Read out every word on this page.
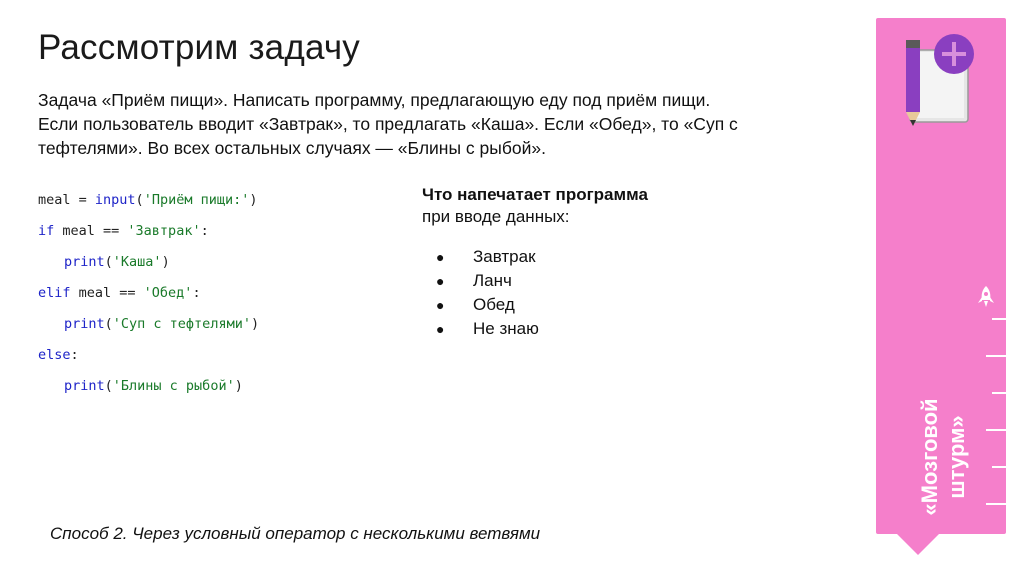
Рассмотрим задачу

Задача «Приём пищи». Написать программу, предлагающую еду под приём пищи.
Если пользователь вводит «Завтрак», то предлагать «Каша». Если «Обед», то «Суп с
тефтелями». Во всех остальных случаях — «Блины с рыбой».

meal = input('Приём пищи:')
if meal == 'Завтрак':
print('Каша')
elif meal == 'Обед':
print('Суп с тефтелями')
else:
print('Блины с рыбой')
Что напечатает программа
при вводе данных:
● Завтрак
● Ланч
● Обед
● Не знаю
Способ 2. Через условный оператор с несколькими ветвями
«Мозговой штурм»
